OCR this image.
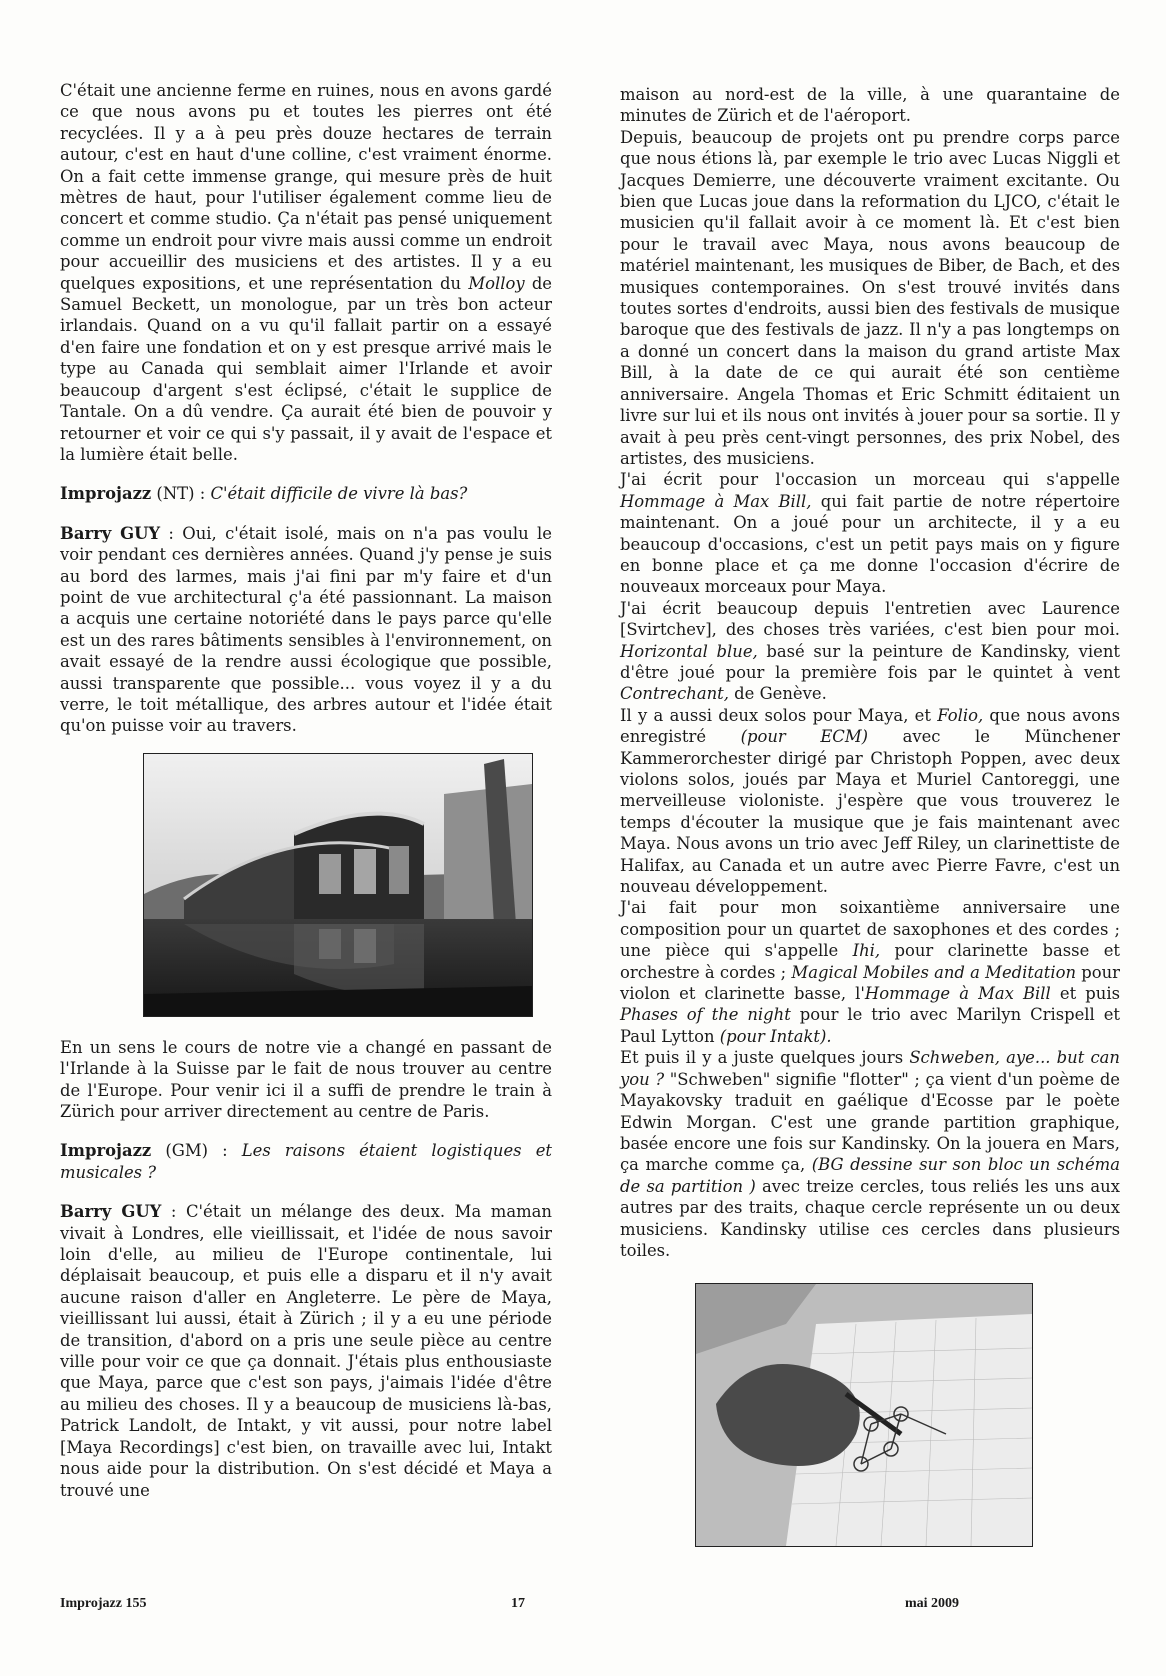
C'était une ancienne ferme en ruines, nous en avons gardé ce que nous avons pu et toutes les pierres ont été recyclées. Il y a à peu près douze hectares de terrain autour, c'est en haut d'une colline, c'est vraiment énorme. On a fait cette immense grange, qui mesure près de huit mètres de haut, pour l'utiliser également comme lieu de concert et comme studio. Ça n'était pas pensé uniquement comme un endroit pour vivre mais aussi comme un endroit pour accueillir des musiciens et des artistes. Il y a eu quelques expositions, et une représentation du Molloy de Samuel Beckett, un monologue, par un très bon acteur irlandais. Quand on a vu qu'il fallait partir on a essayé d'en faire une fondation et on y est presque arrivé mais le type au Canada qui semblait aimer l'Irlande et avoir beaucoup d'argent s'est éclipsé, c'était le supplice de Tantale. On a dû vendre. Ça aurait été bien de pouvoir y retourner et voir ce qui s'y passait, il y avait de l'espace et la lumière était belle.

Improjazz (NT) : C'était difficile de vivre là bas?

Barry GUY : Oui, c'était isolé, mais on n'a pas voulu le voir pendant ces dernières années. Quand j'y pense je suis au bord des larmes, mais j'ai fini par m'y faire et d'un point de vue architectural ç'a été passionnant. La maison a acquis une certaine notoriété dans le pays parce qu'elle est un des rares bâtiments sensibles à l'environnement, on avait essayé de la rendre aussi écologique que possible, aussi transparente que possible... vous voyez il y a du verre, le toit métallique, des arbres autour et l'idée était qu'on puisse voir au travers.

En un sens le cours de notre vie a changé en passant de l'Irlande à la Suisse par le fait de nous trouver au centre de l'Europe. Pour venir ici il a suffi de prendre le train à Zürich pour arriver directement au centre de Paris.

Improjazz (GM) : Les raisons étaient logistiques et musicales ?

Barry GUY : C'était un mélange des deux. Ma maman vivait à Londres, elle vieillissait, et l'idée de nous savoir loin d'elle, au milieu de l'Europe continentale, lui déplaisait beaucoup, et puis elle a disparu et il n'y avait aucune raison d'aller en Angleterre. Le père de Maya, vieillissant lui aussi, était à Zürich ; il y a eu une période de transition, d'abord on a pris une seule pièce au centre ville pour voir ce que ça donnait. J'étais plus enthousiaste que Maya, parce que c'est son pays, j'aimais l'idée d'être au milieu des choses. Il y a beaucoup de musiciens là-bas, Patrick Landolt, de Intakt, y vit aussi, pour notre label [Maya Recordings] c'est bien, on travaille avec lui, Intakt nous aide pour la distribution. On s'est décidé et Maya a trouvé une

maison au nord-est de la ville, à une quarantaine de minutes de Zürich et de l'aéroport.

Depuis, beaucoup de projets ont pu prendre corps parce que nous étions là, par exemple le trio avec Lucas Niggli et Jacques Demierre, une découverte vraiment excitante. Ou bien que Lucas joue dans la reformation du LJCO, c'était le musicien qu'il fallait avoir à ce moment là. Et c'est bien pour le travail avec Maya, nous avons beaucoup de matériel maintenant, les musiques de Biber, de Bach, et des musiques contemporaines. On s'est trouvé invités dans toutes sortes d'endroits, aussi bien des festivals de musique baroque que des festivals de jazz. Il n'y a pas longtemps on a donné un concert dans la maison du grand artiste Max Bill, à la date de ce qui aurait été son centième anniversaire. Angela Thomas et Eric Schmitt éditaient un livre sur lui et ils nous ont invités à jouer pour sa sortie. Il y avait à peu près cent-vingt personnes, des prix Nobel, des artistes, des musiciens.

J'ai écrit pour l'occasion un morceau qui s'appelle Hommage à Max Bill, qui fait partie de notre répertoire maintenant. On a joué pour un architecte, il y a eu beaucoup d'occasions, c'est un petit pays mais on y figure en bonne place et ça me donne l'occasion d'écrire de nouveaux morceaux pour Maya.

J'ai écrit beaucoup depuis l'entretien avec Laurence [Svirtchev], des choses très variées, c'est bien pour moi. Horizontal blue, basé sur la peinture de Kandinsky, vient d'être joué pour la première fois par le quintet à vent Contrechant, de Genève.

Il y a aussi deux solos pour Maya, et Folio, que nous avons enregistré (pour ECM) avec le Münchener Kammerorchester dirigé par Christoph Poppen, avec deux violons solos, joués par Maya et Muriel Cantoreggi, une merveilleuse violoniste. j'espère que vous trouverez le temps d'écouter la musique que je fais maintenant avec Maya. Nous avons un trio avec Jeff Riley, un clarinettiste de Halifax, au Canada et un autre avec Pierre Favre, c'est un nouveau développement.

J'ai fait pour mon soixantième anniversaire une composition pour un quartet de saxophones et des cordes ; une pièce qui s'appelle Ihi, pour clarinette basse et orchestre à cordes ; Magical Mobiles and a Meditation pour violon et clarinette basse, l'Hommage à Max Bill et puis Phases of the night pour le trio avec Marilyn Crispell et Paul Lytton (pour Intakt).

Et puis il y a juste quelques jours Schweben, aye... but can you ? "Schweben" signifie "flotter" ; ça vient d'un poème de Mayakovsky traduit en gaélique d'Ecosse par le poète Edwin Morgan. C'est une grande partition graphique, basée encore une fois sur Kandinsky. On la jouera en Mars, ça marche comme ça, (BG dessine sur son bloc un schéma de sa partition ) avec treize cercles, tous reliés les uns aux autres par des traits, chaque cercle représente un ou deux musiciens. Kandinsky utilise ces cercles dans plusieurs toiles.

Improjazz 155	17	mai 2009
